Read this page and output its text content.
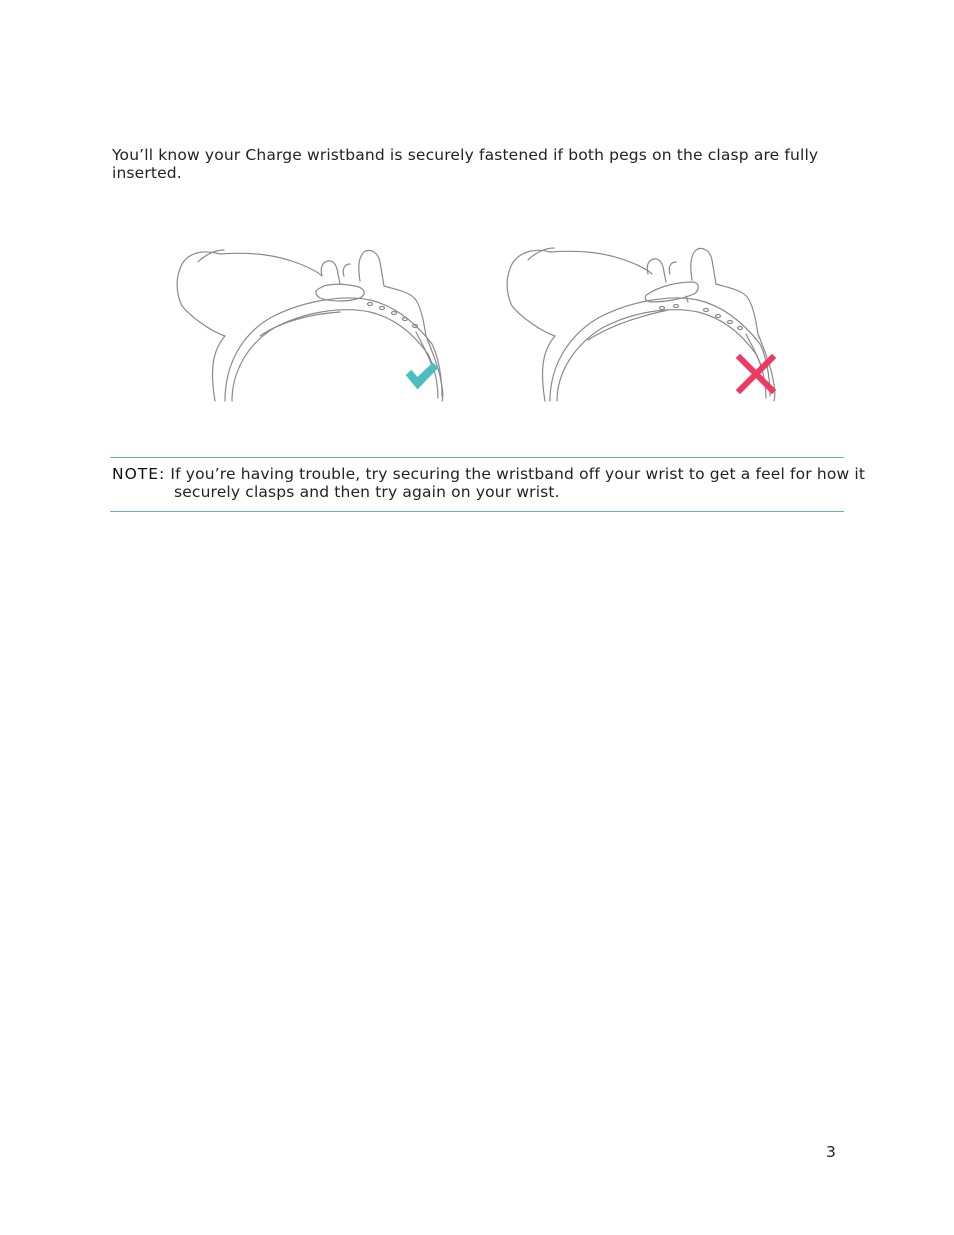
You’ll know your Charge wristband is securely fastened if both pegs on the clasp are fully inserted.

NOTE: If you’re having trouble, try securing the wristband off your wrist to get a feel for how it securely clasps and then try again on your wrist.

3
